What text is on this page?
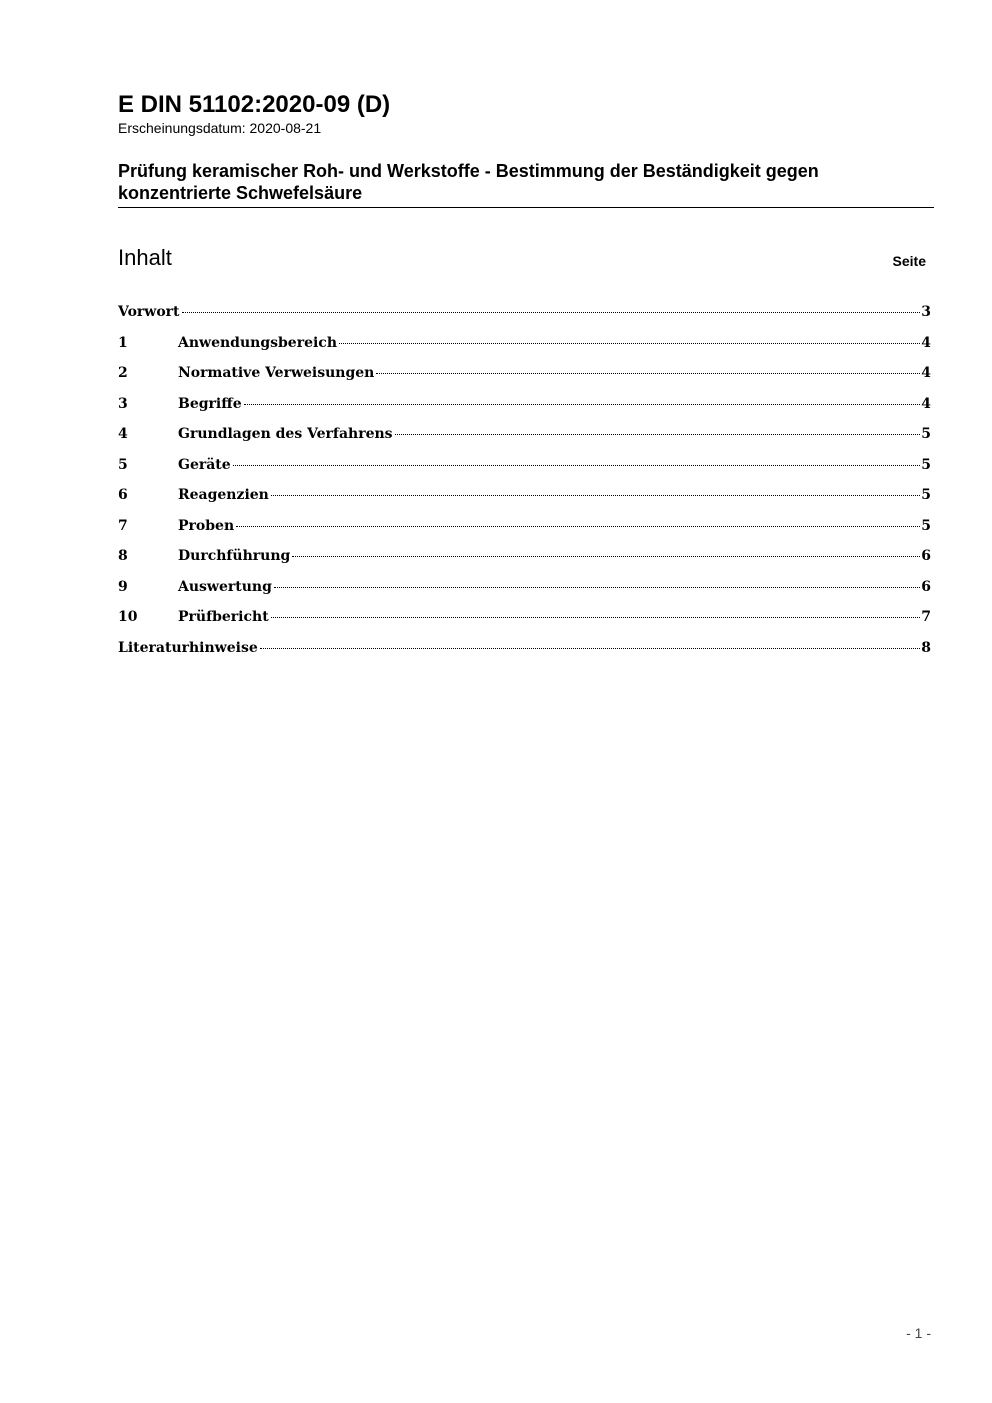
E DIN 51102:2020-09 (D)
Erscheinungsdatum: 2020-08-21
Prüfung keramischer Roh- und Werkstoffe - Bestimmung der Beständigkeit gegen konzentrierte Schwefelsäure
Inhalt	Seite
Vorwort	3
1	Anwendungsbereich	4
2	Normative Verweisungen	4
3	Begriffe	4
4	Grundlagen des Verfahrens	5
5	Geräte	5
6	Reagenzien	5
7	Proben	5
8	Durchführung	6
9	Auswertung	6
10	Prüfbericht	7
Literaturhinweise	8
- 1 -
